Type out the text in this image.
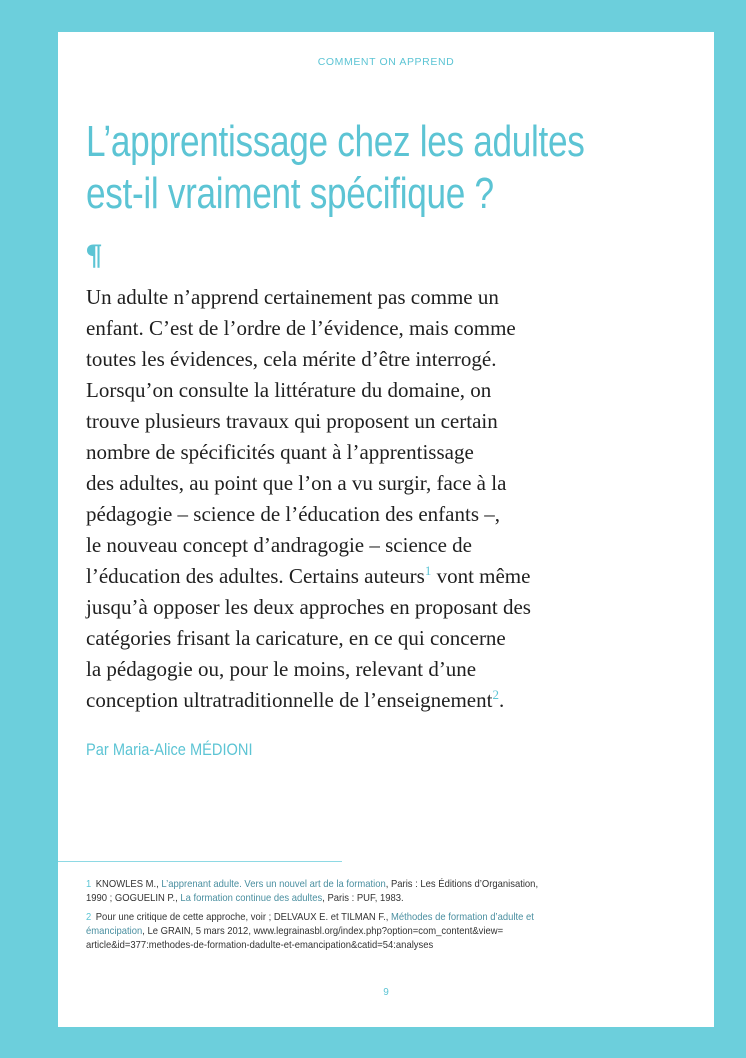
COMMENT ON APPREND
L’apprentissage chez les adultes
est-il vraiment spécifique ?
¶
Un adulte n’apprend certainement pas comme un
enfant. C’est de l’ordre de l’évidence, mais comme
toutes les évidences, cela mérite d’être interrogé.
Lorsqu’on consulte la littérature du domaine, on
trouve plusieurs travaux qui proposent un certain
nombre de spécificités quant à l’apprentissage
des adultes, au point que l’on a vu surgir, face à la
pédagogie – science de l’éducation des enfants –,
le nouveau concept d’andragogie – science de
l’éducation des adultes. Certains auteurs$^1$ vont même
jusqu’à opposer les deux approches en proposant des
catégories frisant la caricature, en ce qui concerne
la pédagogie ou, pour le moins, relevant d’une
conception ultratraditionnelle de l’enseignement$^2$.
Par Maria-Alice MÉDIONI
1 KNOWLES M., L’apprenant adulte. Vers un nouvel art de la formation, Paris : Les Éditions d’Organisation,
1990 ; GOGUELIN P., La formation continue des adultes, Paris : PUF, 1983.
2 Pour une critique de cette approche, voir ; DELVAUX E. et TILMAN F., Méthodes de formation d’adulte et
émancipation, Le GRAIN, 5 mars 2012, www.legrainasbl.org/index.php?option=com_content&view=
article&id=377:methodes-de-formation-dadulte-et-emancipation&catid=54:analyses
9
